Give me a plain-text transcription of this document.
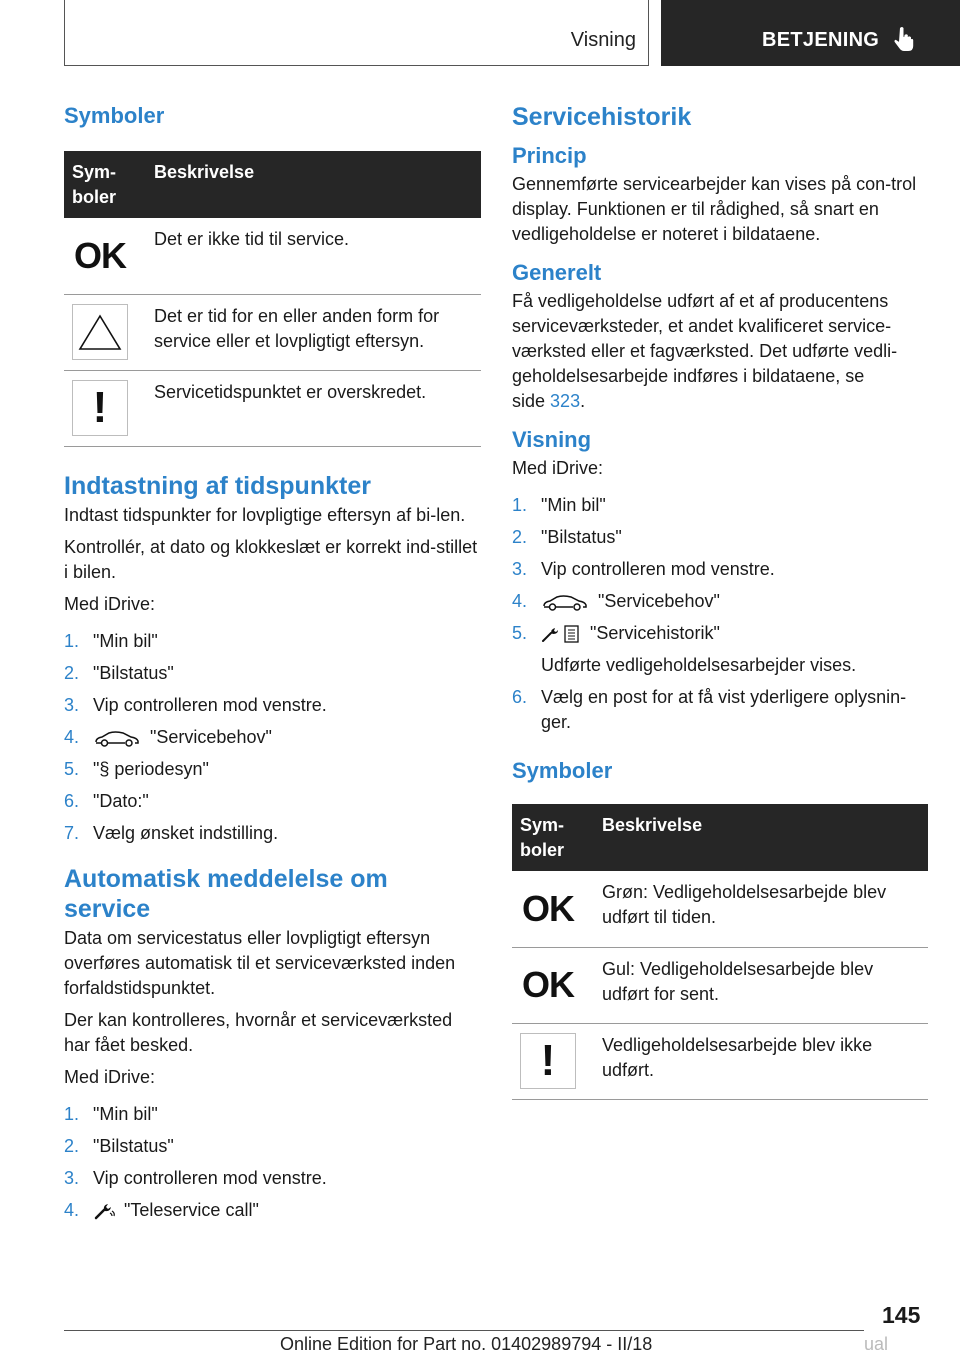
Visning	BETJENING
Symboler
Sym-
boler	Beskrivelse

OK	Det er ikke tid til service.

	Det er tid for en eller anden form for service eller et lovpligtigt eftersyn.

!	Servicetidspunktet er overskredet.
Indtastning af tidspunkter

Indtast tidspunkter for lovpligtige eftersyn af bi-len.

Kontrollér, at dato og klokkeslæt er korrekt ind-stillet i bilen.

Med iDrive:

1. "Min bil"
2. "Bilstatus"
3. Vip controlleren mod venstre.
4.	"Servicebehov"
5. "§ periodesyn"
6. "Dato:"
7. Vælg ønsket indstilling.
Automatisk meddelelse om service

Data om servicestatus eller lovpligtigt eftersyn overføres automatisk til et serviceværksted inden forfaldstidspunktet.

Der kan kontrolleres, hvornår et serviceværksted har fået besked.

Med iDrive:

1. "Min bil"
2. "Bilstatus"
3. Vip controlleren mod venstre.
4.	"Teleservice call"
Servicehistorik
Princip

Gennemførte servicearbejder kan vises på con-trol display. Funktionen er til rådighed, så snart en vedligeholdelse er noteret i bildataene.

Generelt

Få vedligeholdelse udført af et af producentens serviceværksteder, et andet kvalificeret service-værksted eller et fagværksted. Det udførte vedli-geholdelsesarbejde indføres i bildataene, se side 323.

Visning

Med iDrive:

1. "Min bil"
2. "Bilstatus"
3. Vip controlleren mod venstre.
4.	"Servicebehov"
5.	"Servicehistorik"
Udførte vedligeholdelsesarbejder vises.
6. Vælg en post for at få vist yderligere oplysnin-ger.
Symboler
Sym-
boler	Beskrivelse

OK	Grøn: Vedligeholdelsesarbejde blev udført til tiden.

OK	Gul: Vedligeholdelsesarbejde blev udført for sent.

!	Vedligeholdelsesarbejde blev ikke udført.
145
Online Edition for Part no. 01402989794 - II/18	ual
